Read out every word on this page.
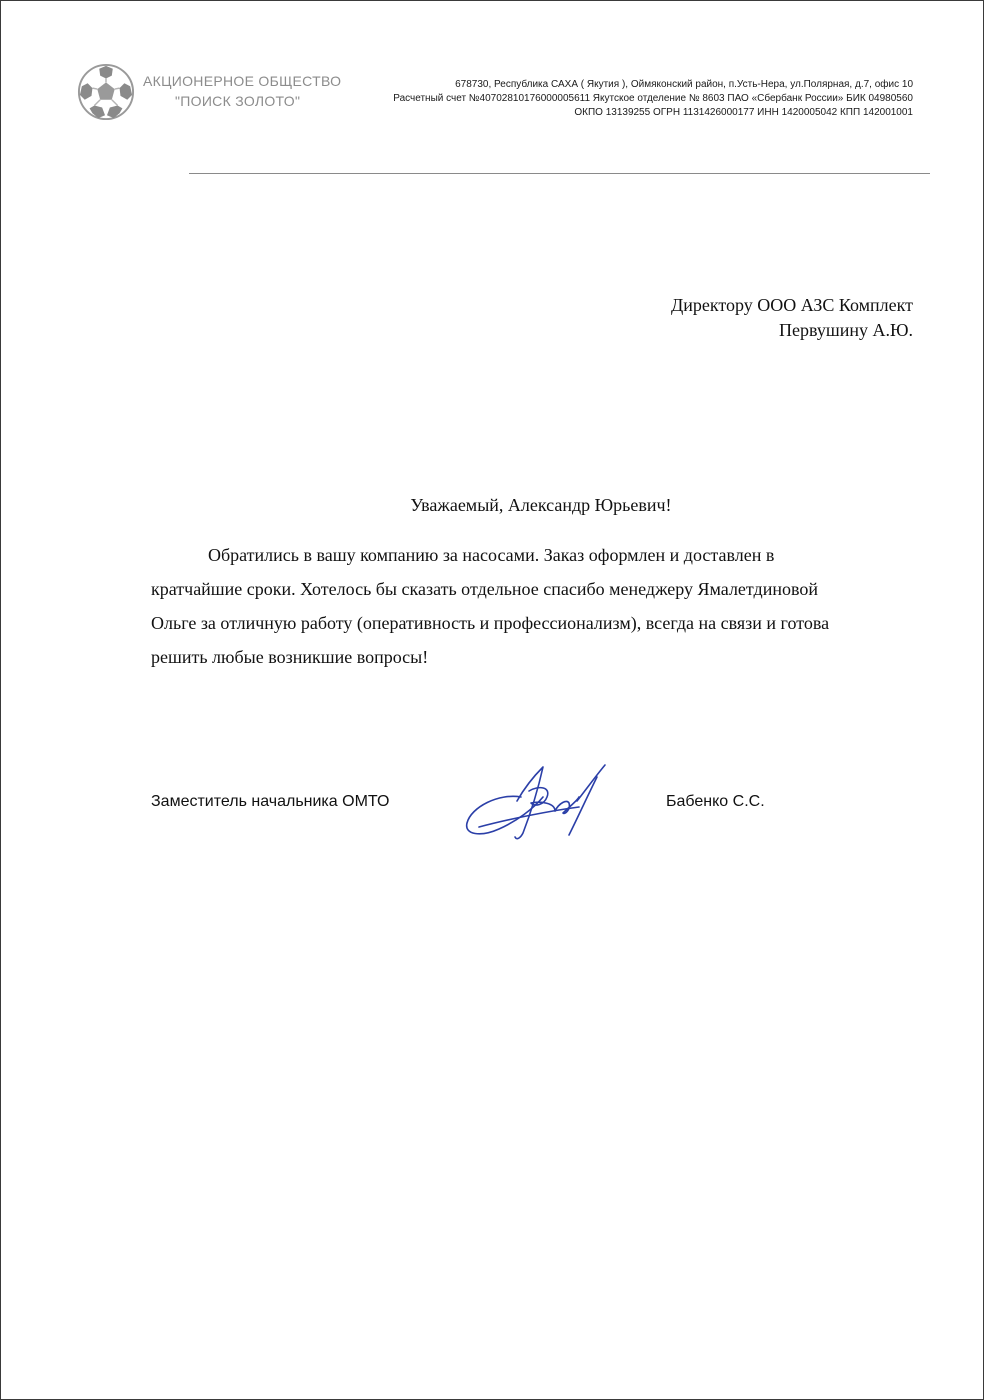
АКЦИОНЕРНОЕ ОБЩЕСТВО
"ПОИСК ЗОЛОТО"
678730, Республика САХА ( Якутия ), Оймяконский район, п.Усть-Нера, ул.Полярная, д.7, офис 10
Расчетный счет №40702810176000005611 Якутское отделение № 8603 ПАО «Сбербанк России» БИК 04980560
ОКПО 13139255 ОГРН 1131426000177 ИНН 1420005042 КПП 142001001
Директору ООО АЗС Комплект
Первушину А.Ю.
Уважаемый, Александр Юрьевич!
Обратились в вашу компанию за насосами. Заказ оформлен и доставлен в
кратчайшие сроки. Хотелось бы сказать отдельное спасибо менеджеру Ямалетдиновой
Ольге за отличную работу (оперативность и профессионализм), всегда на связи и готова
решить любые возникшие вопросы!
Заместитель начальника ОМТО	Бабенко С.С.
